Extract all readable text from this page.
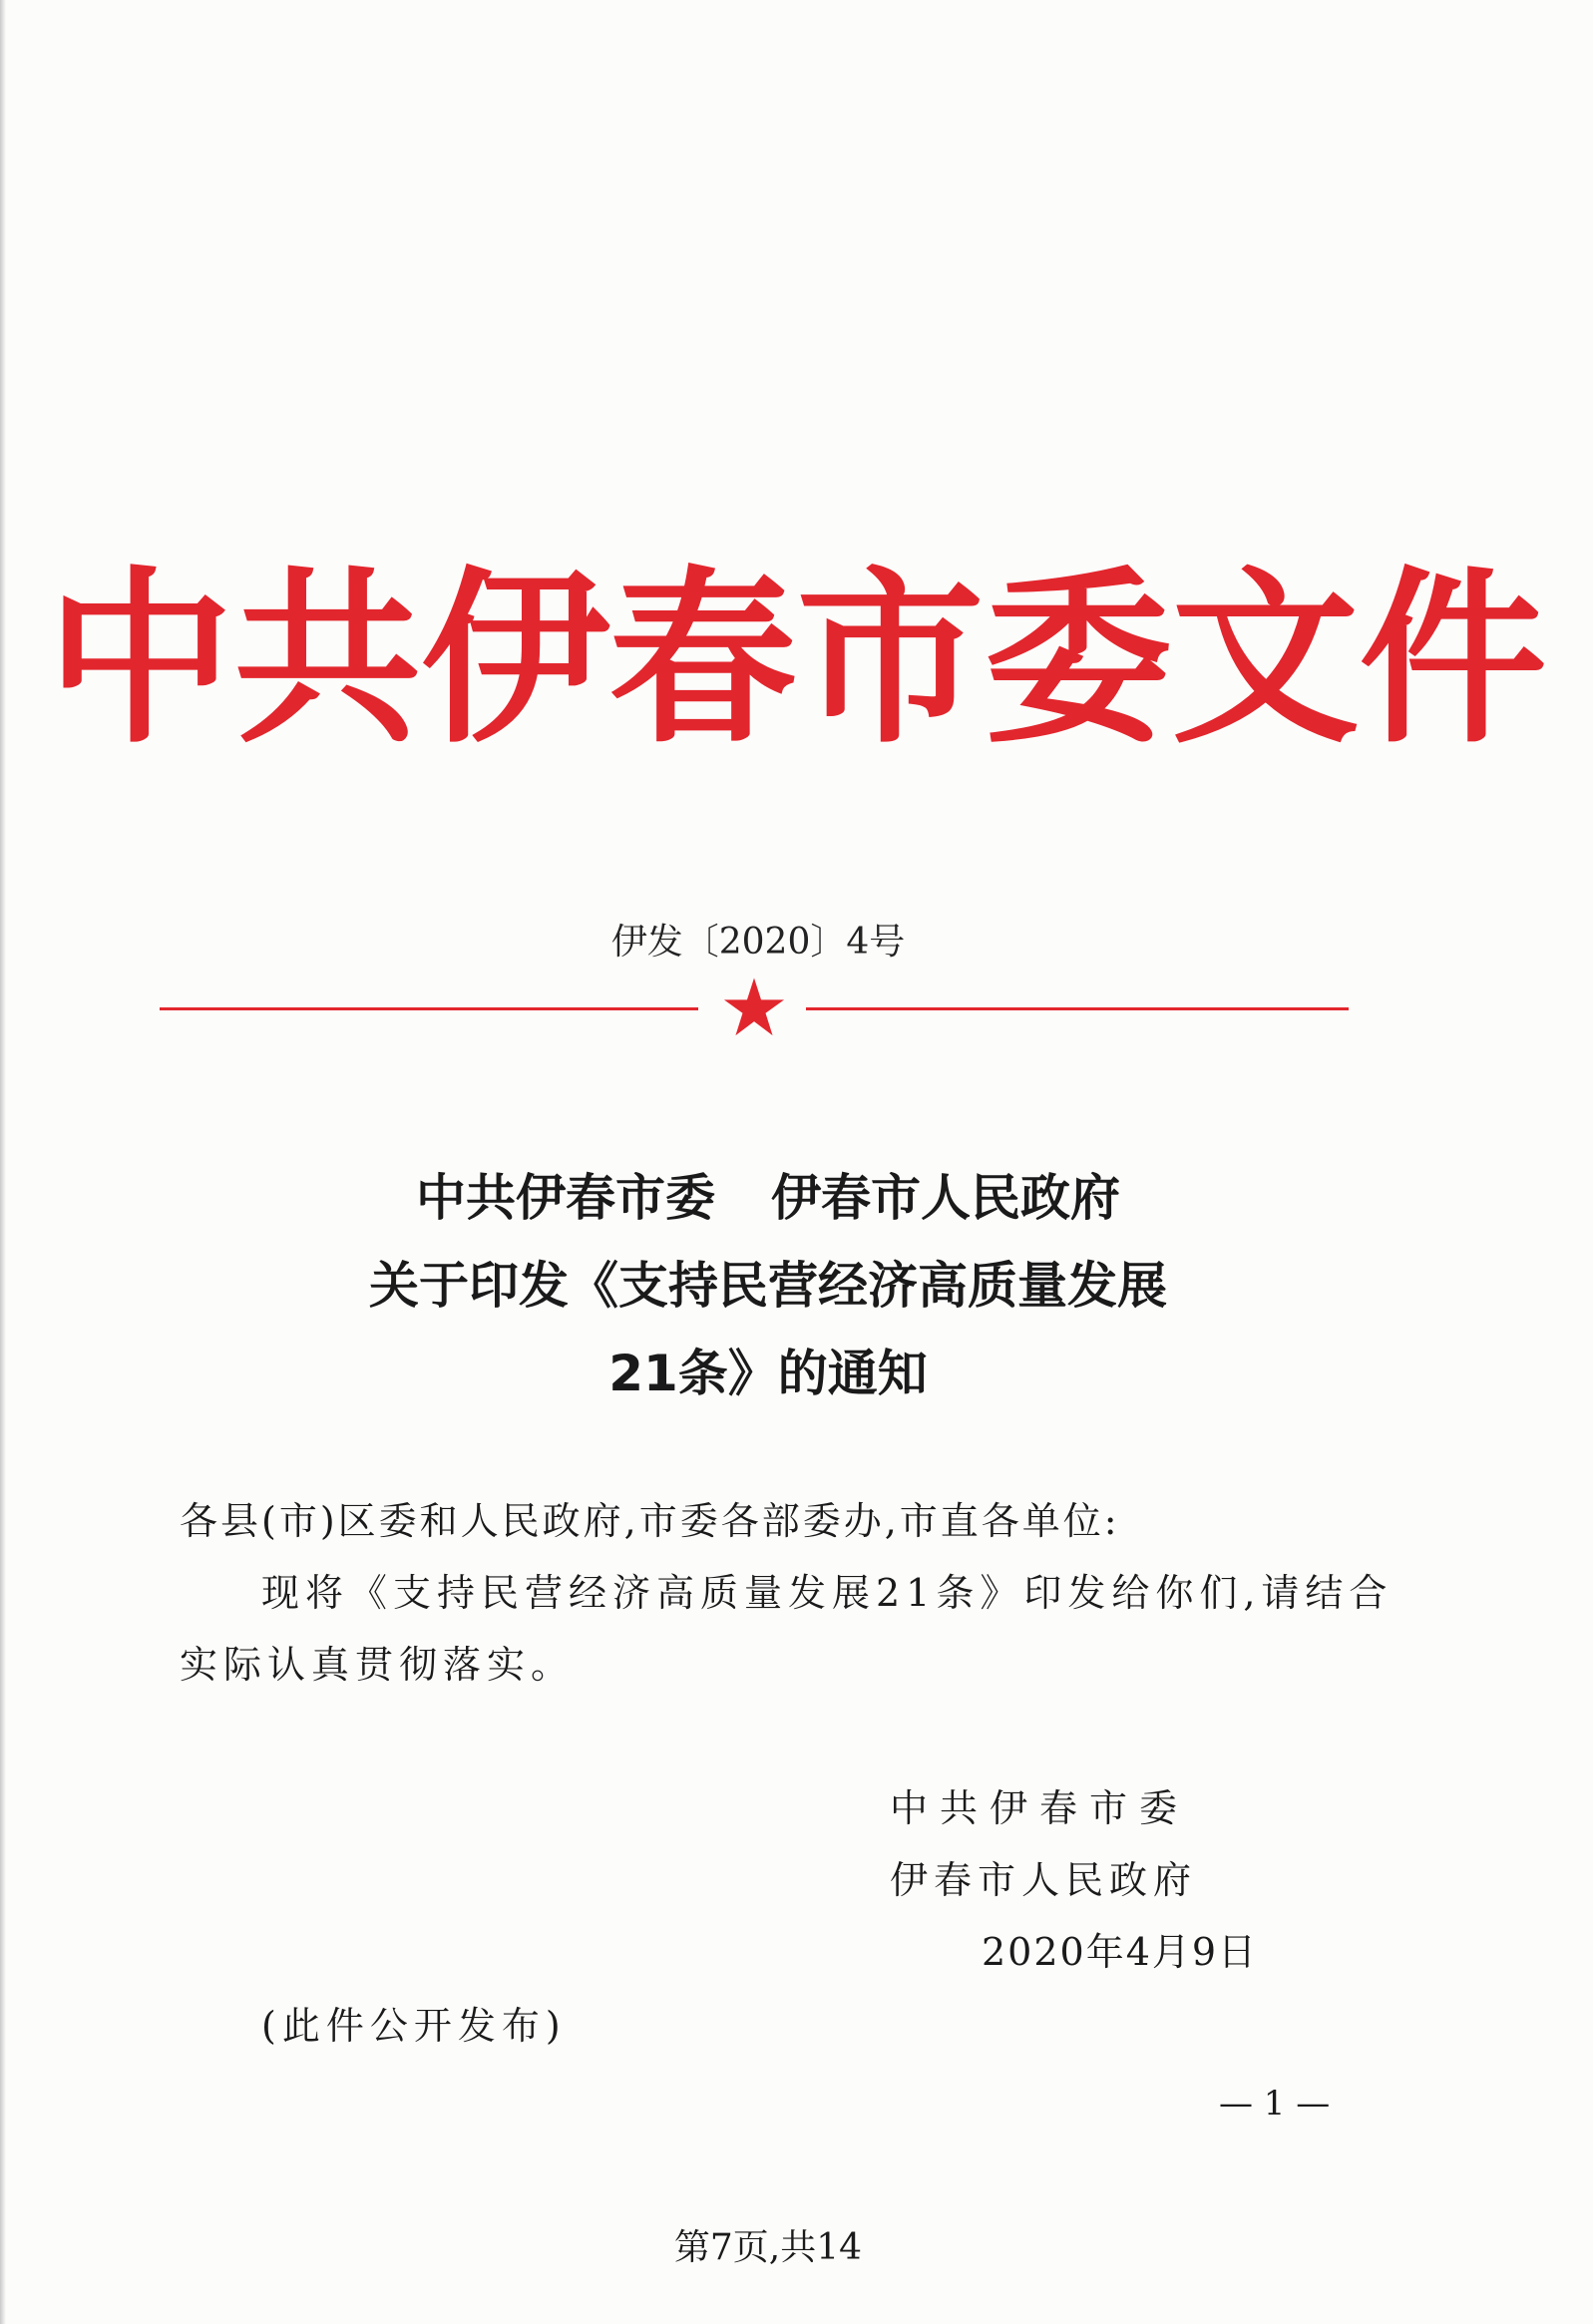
中共伊春市委文件
伊发〔2020〕4号
中共伊春市委 伊春市人民政府
关于印发《支持民营经济高质量发展
21条》的通知
各县(市)区委和人民政府,市委各部委办,市直各单位:
现将《支持民营经济高质量发展21条》印发给你们,请结合
实际认真贯彻落实。
中共伊春市委
伊春市人民政府
2020年4月9日
(此件公开发布)
— 1 —
第7页,共14
